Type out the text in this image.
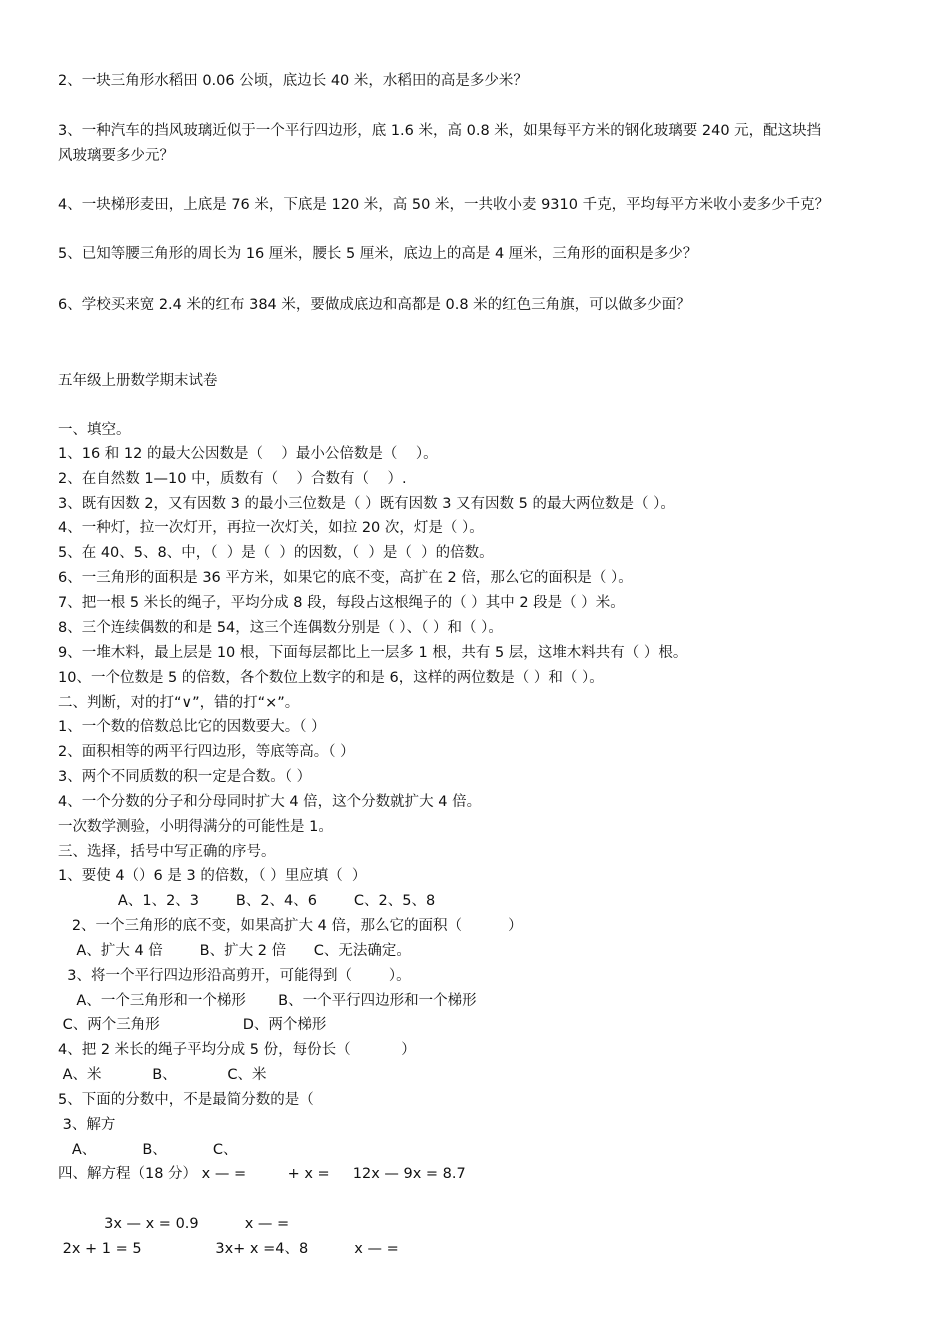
2、一块三角形水稻田 0.06 公顷，底边长 40 米，水稻田的高是多少米？
3、一种汽车的挡风玻璃近似于一个平行四边形，底 1.6 米，高 0.8 米，如果每平方米的钢化玻璃要 240 元，配这块挡
风玻璃要多少元？
4、一块梯形麦田，上底是 76 米，下底是 120 米，高 50 米，一共收小麦 9310 千克，平均每平方米收小麦多少千克？
5、已知等腰三角形的周长为 16 厘米，腰长 5 厘米，底边上的高是 4 厘米，三角形的面积是多少？
6、学校买来宽 2.4 米的红布 384 米，要做成底边和高都是 0.8 米的红色三角旗，可以做多少面？
五年级上册数学期末试卷
一、填空。
1、16 和 12 的最大公因数是（    ）最小公倍数是（    ）。
2、在自然数 1—10 中，质数有（    ）合数有（    ）.
3、既有因数 2，又有因数 3 的最小三位数是（ ）既有因数 3 又有因数 5 的最大两位数是（ ）。
4、一种灯，拉一次灯开，再拉一次灯关，如拉 20 次，灯是（ ）。
5、在 40、5、8、中，（  ）是（  ）的因数，（  ）是（  ）的倍数。
6、一三角形的面积是 36 平方米，如果它的底不变，高扩在 2 倍，那么它的面积是（ ）。
7、把一根 5 米长的绳子，平均分成 8 段，每段占这根绳子的（ ）其中 2 段是（ ）米。
8、三个连续偶数的和是 54，这三个连偶数分别是（ ）、（ ）和（ ）。
9、一堆木料，最上层是 10 根，下面每层都比上一层多 1 根，共有 5 层，这堆木料共有（ ）根。
10、一个位数是 5 的倍数，各个数位上数字的和是 6，这样的两位数是（ ）和（ ）。
二、判断，对的打“∨”，错的打“×”。
1、一个数的倍数总比它的因数要大。（ ）
2、面积相等的两平行四边形，等底等高。（ ）
3、两个不同质数的积一定是合数。（ ）
4、一个分数的分子和分母同时扩大 4 倍，这个分数就扩大 4 倍。
一次数学测验，小明得满分的可能性是 1。
三、选择，括号中写正确的序号。
1、要使 4（）6 是 3 的倍数，（ ）里应填（  ）
A、1、2、3        B、2、4、6        C、2、5、8
2、一个三角形的底不变，如果高扩大 4 倍，那么它的面积（          ）
A、扩大 4 倍        B、扩大 2 倍      C、无法确定。
3、将一个平行四边形沿高剪开，可能得到（        ）。
A、一个三角形和一个梯形       B、一个平行四边形和一个梯形
C、两个三角形                  D、两个梯形
4、把 2 米长的绳子平均分成 5 份，每份长（           ）
A、米           B、           C、米
5、下面的分数中，不是最简分数的是（
3、解方
A、          B、          C、
四、解方程（18 分） x — =         + x =     12x — 9x = 8.7
3x — x = 0.9          x — =
2x + 1 = 5                3x+ x =4、8          x — =
